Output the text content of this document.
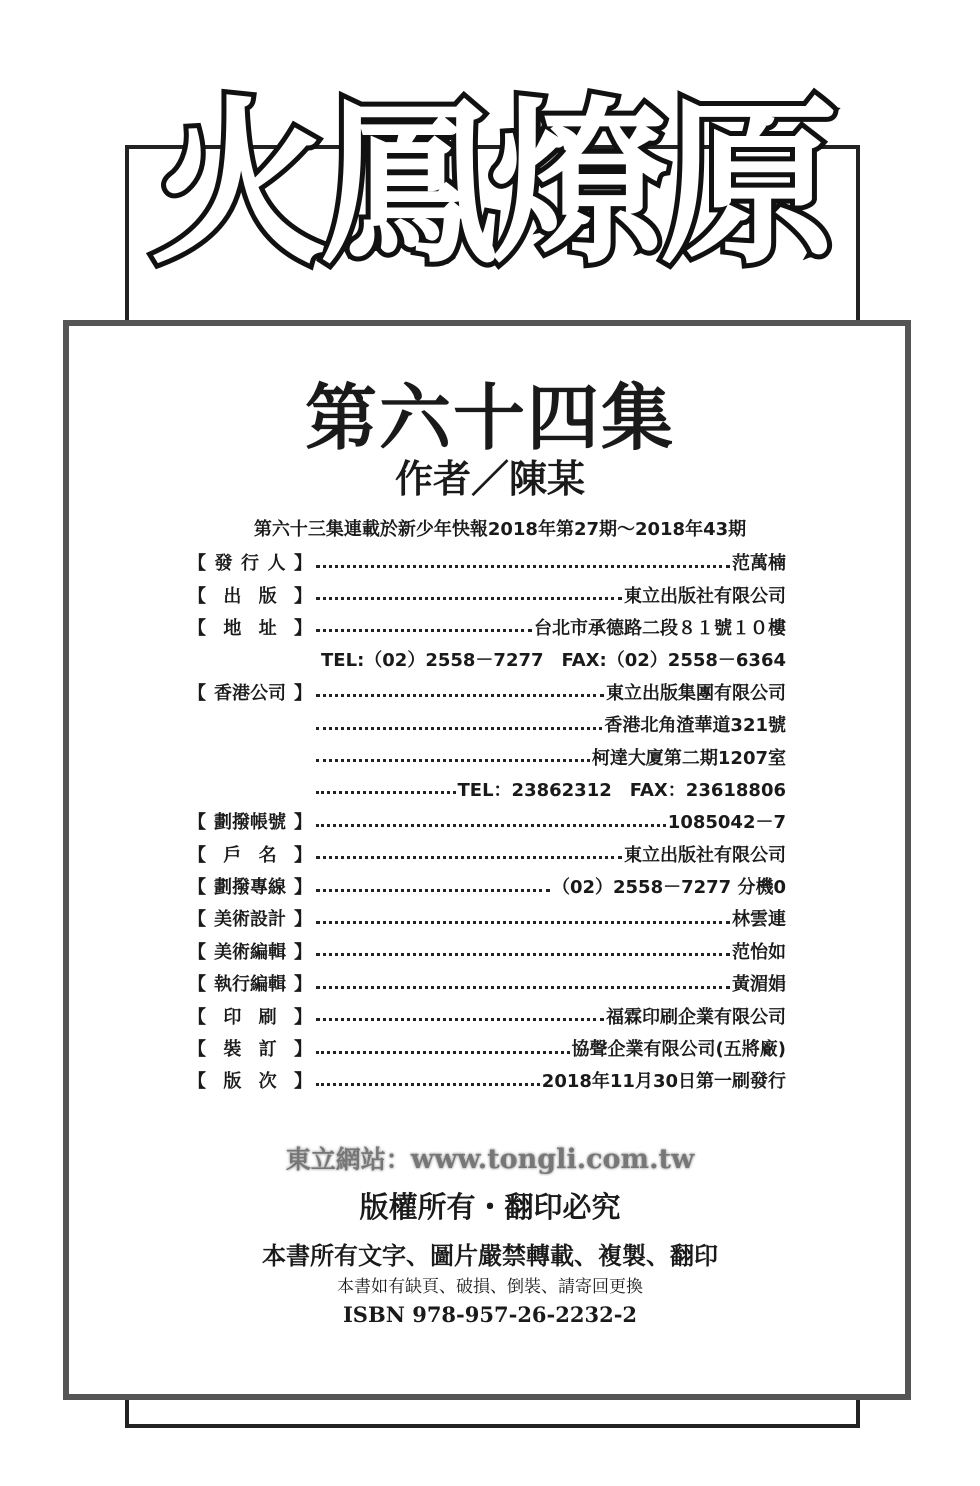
火鳳燎原
第六十四集
作者／陳某
第六十三集連載於新少年快報2018年第27期～2018年43期
【 發 行 人 】	范萬楠
【 出 版 】	東立出版社有限公司
【 地 址 】	台北市承德路二段８１號１０樓
TEL:（02）2558－7277　FAX:（02）2558－6364
【 香港公司 】	東立出版集團有限公司
香港北角渣華道321號
柯達大廈第二期1207室
TEL：23862312　FAX：23618806
【 劃撥帳號 】	1085042－7
【 戶 名 】	東立出版社有限公司
【 劃撥專線 】	（02）2558－7277 分機0
【 美術設計 】	林雲連
【 美術編輯 】	范怡如
【 執行編輯 】	黃湄娟
【 印 刷 】	福霖印刷企業有限公司
【 裝 訂 】	協聲企業有限公司(五將廠)
【 版 次 】	2018年11月30日第一刷發行
東立網站：www.tongli.com.tw
版權所有・翻印必究
本書所有文字、圖片嚴禁轉載、複製、翻印
本書如有缺頁、破損、倒裝、請寄回更換
ISBN 978-957-26-2232-2
